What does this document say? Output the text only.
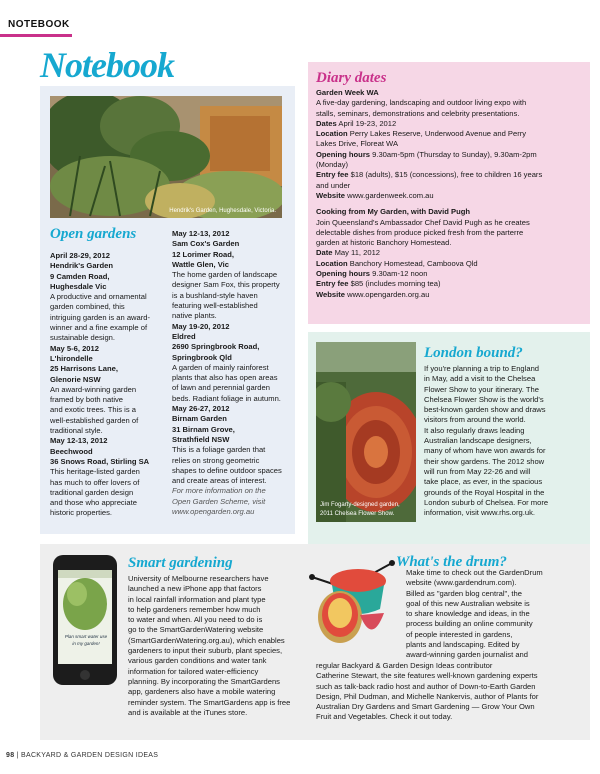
NOTEBOOK
Notebook
Hendrik's Garden, Hughesdale, Victoria.
Open gardens
April 28-29, 2012
Hendrik's Garden
9 Camden Road,
Hughesdale Vic
A productive and ornamental
garden combined, this
intriguing garden is an award-
winner and a fine example of
sustainable design.
May 5-6, 2012
L'hirondelle
25 Harrisons Lane,
Glenorie NSW
An award-winning garden
framed by both native
and exotic trees. This is a
well-established garden of
traditional style.
May 12-13, 2012
Beechwood
36 Snows Road, Stirling SA
This heritage-listed garden
has much to offer lovers of
traditional garden design
and those who appreciate
historic properties.
May 12-13, 2012
Sam Cox's Garden
12 Lorimer Road,
Wattle Glen, Vic
The home garden of landscape
designer Sam Fox, this property
is a bushland-style haven
featuring well-established
native plants.
May 19-20, 2012
Eldred
2690 Springbrook Road,
Springbrook Qld
A garden of mainly rainforest
plants that also has open areas
of lawn and perennial garden
beds. Radiant foliage in autumn.
May 26-27, 2012
Birnam Garden
31 Birnam Grove,
Strathfield NSW
This is a foliage garden that
relies on strong geometric
shapes to define outdoor spaces
and create areas of interest.
For more information on the
Open Garden Scheme, visit
www.opengarden.org.au
Diary dates
Garden Week WA
A five-day gardening, landscaping and outdoor living expo with
stalls, seminars, demonstrations and celebrity presentations.
Dates April 19-23, 2012
Location Perry Lakes Reserve, Underwood Avenue and Perry
Lakes Drive, Floreat WA
Opening hours 9.30am-5pm (Thursday to Sunday), 9.30am-2pm
(Monday)
Entry fee $18 (adults), $15 (concessions), free to children 16 years
and under
Website www.gardenweek.com.au
Cooking from My Garden, with David Pugh
Join Queensland's Ambassador Chef David Pugh as he creates
delectable dishes from produce picked fresh from the parterre
garden at historic Banchory Homestead.
Date May 11, 2012
Location Banchory Homestead, Camboova Qld
Opening hours 9.30am-12 noon
Entry fee $85 (includes morning tea)
Website www.opengarden.org.au
Jim Fogarty-designed garden,
2011 Chelsea Flower Show.
London bound?
If you're planning a trip to England
in May, add a visit to the Chelsea
Flower Show to your itinerary. The
Chelsea Flower Show is the world's
best-known garden show and draws
visitors from around the world.
It also regularly draws leading
Australian landscape designers,
many of whom have won awards for
their show gardens. The 2012 show
will run from May 22-26 and will
take place, as ever, in the spacious
grounds of the Royal Hospital in the
London suburb of Chelsea. For more
information, visit www.rhs.org.uk.
Plan smart water use
in my garden!
Smart gardening
University of Melbourne researchers have
launched a new iPhone app that factors
in local rainfall information and plant type
to help gardeners remember how much
to water and when. All you need to do is
go to the SmartGardenWatering website
(SmartGardenWatering.org.au), which enables
gardeners to input their suburb, plant species,
various garden conditions and water tank
information for tailored water-efficiency
planning. By incorporating the SmartGardens
app, gardeners also have a mobile watering
reminder system. The SmartGardens app is free
and is available at the iTunes store.
What's the drum?
Make time to check out the GardenDrum
website (www.gardendrum.com).
Billed as "garden blog central", the
goal of this new Australian website is
to share knowledge and ideas, in the
process building an online community
of people interested in gardens,
plants and landscaping. Edited by
award-winning garden journalist and
regular Backyard & Garden Design Ideas contributor
Catherine Stewart, the site features well-known gardening experts
such as talk-back radio host and author of Down-to-Earth Garden
Design, Phil Dudman, and Michelle Nankervis, author of Plants for
Australian Dry Gardens and Smart Gardening — Grow Your Own
Fruit and Vegetables. Check it out today.
98 | BACKYARD & GARDEN DESIGN IDEAS
